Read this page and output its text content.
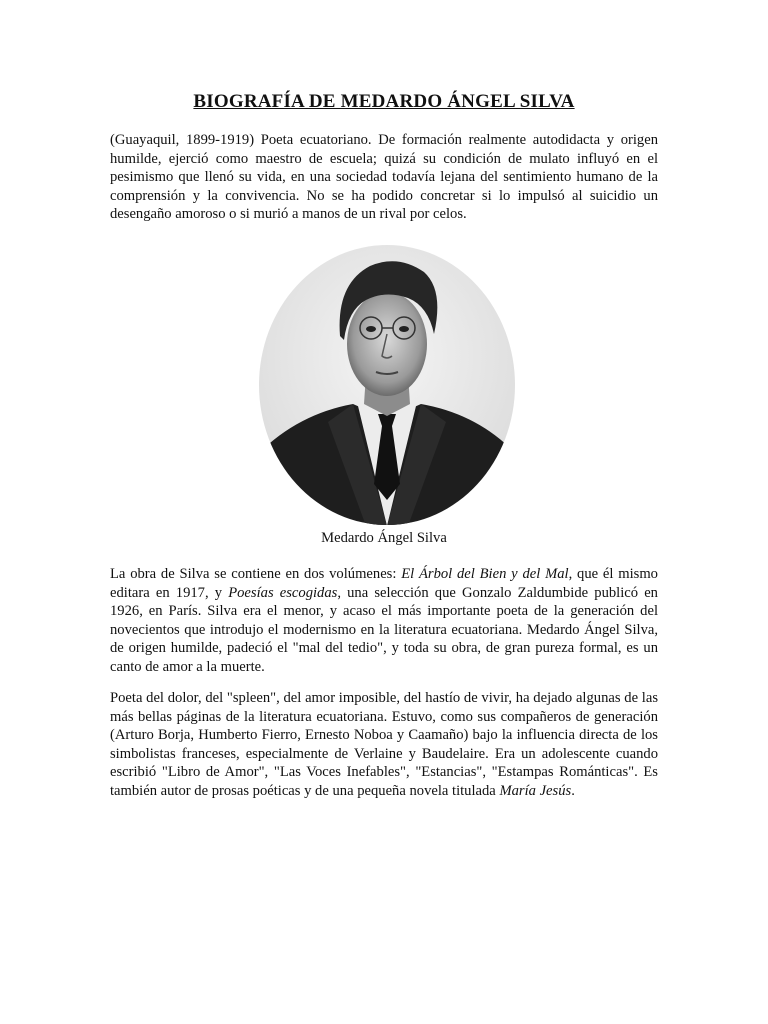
BIOGRAFÍA DE MEDARDO ÁNGEL SILVA

(Guayaquil, 1899-1919) Poeta ecuatoriano. De formación realmente autodidacta y origen humilde, ejerció como maestro de escuela; quizá su condición de mulato influyó en el pesimismo que llenó su vida, en una sociedad todavía lejana del sentimiento humano de la comprensión y la convivencia. No se ha podido concretar si lo impulsó al suicidio un desengaño amoroso o si murió a manos de un rival por celos.

Medardo Ángel Silva

La obra de Silva se contiene en dos volúmenes: El Árbol del Bien y del Mal, que él mismo editara en 1917, y Poesías escogidas, una selección que Gonzalo Zaldumbide publicó en 1926, en París. Silva era el menor, y acaso el más importante poeta de la generación del novecientos que introdujo el modernismo en la literatura ecuatoriana. Medardo Ángel Silva, de origen humilde, padeció el "mal del tedio", y toda su obra, de gran pureza formal, es un canto de amor a la muerte.

Poeta del dolor, del "spleen", del amor imposible, del hastío de vivir, ha dejado algunas de las más bellas páginas de la literatura ecuatoriana. Estuvo, como sus compañeros de generación (Arturo Borja, Humberto Fierro, Ernesto Noboa y Caamaño) bajo la influencia directa de los simbolistas franceses, especialmente de Verlaine y Baudelaire. Era un adolescente cuando escribió "Libro de Amor", "Las Voces Inefables", "Estancias", "Estampas Románticas". Es también autor de prosas poéticas y de una pequeña novela titulada María Jesús.
